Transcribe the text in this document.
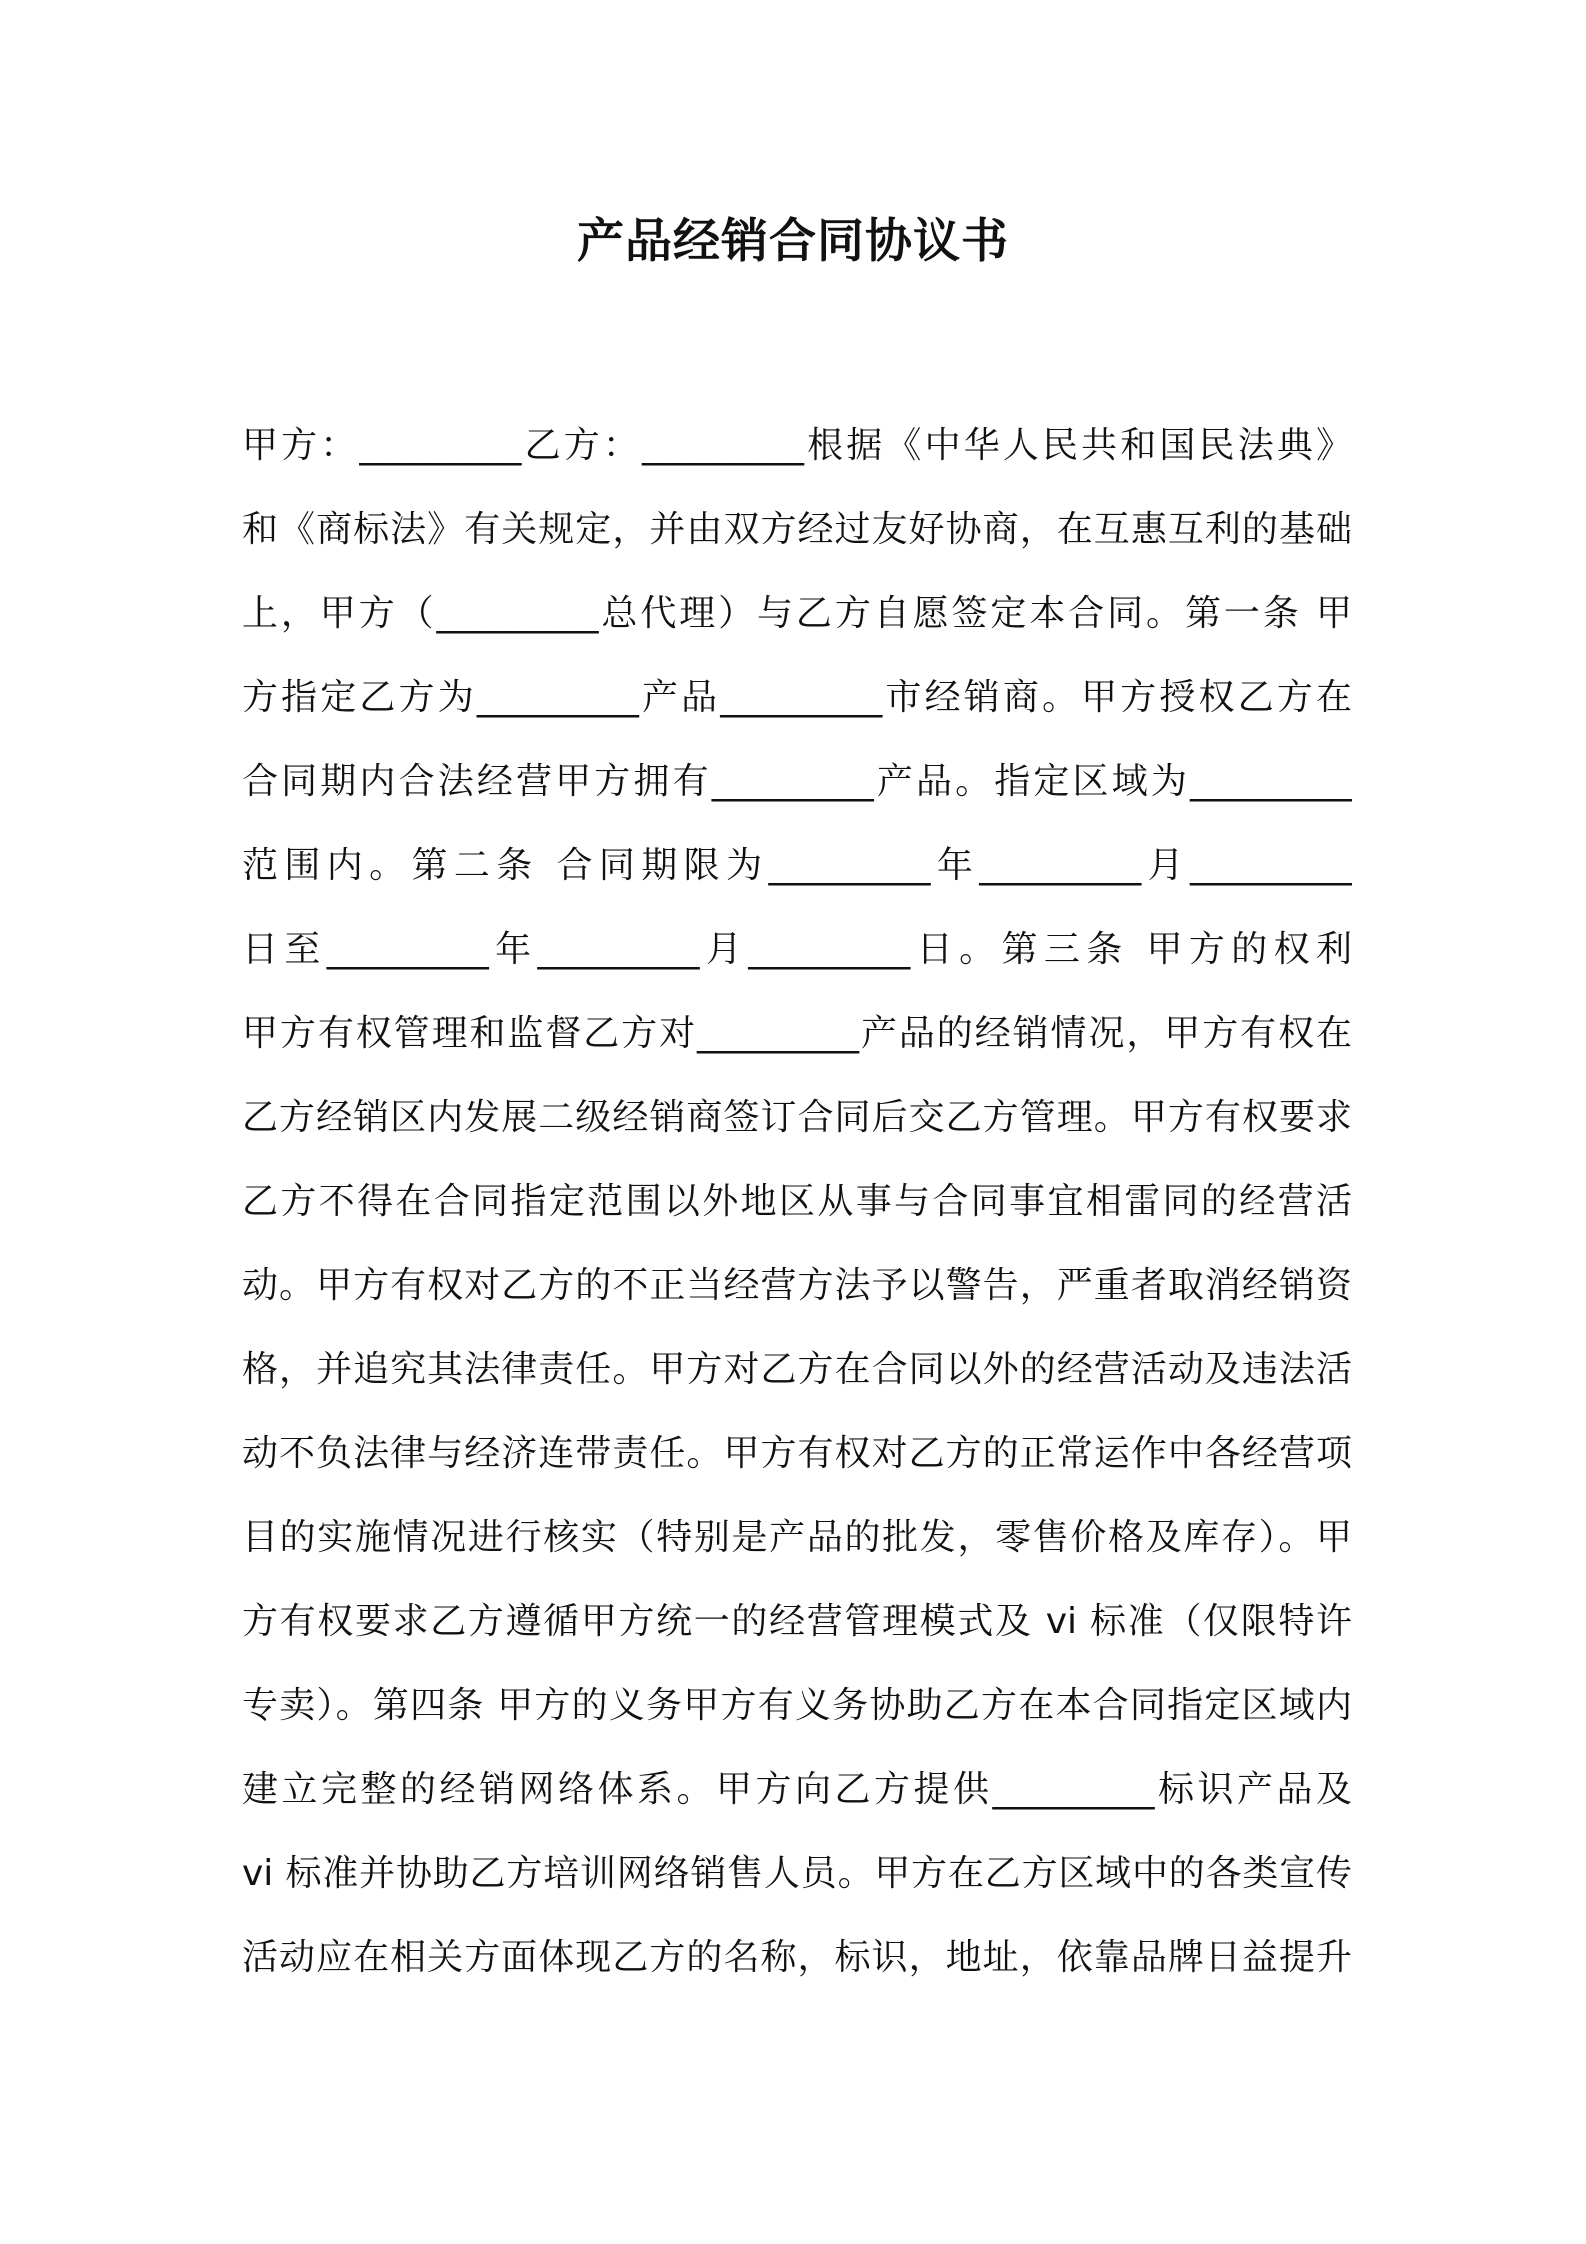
产品经销合同协议书
甲方：_________乙方：_________根据《中华人民共和国民法典》
和《商标法》有关规定，并由双方经过友好协商，在互惠互利的基础
上，甲方（_________总代理）与乙方自愿签定本合同。第一条 甲
方指定乙方为_________产品_________市经销商。甲方授权乙方在
合同期内合法经营甲方拥有_________产品。指定区域为_________
范围内。第二条 合同期限为_________年_________月_________
日至_________年_________月_________日。第三条 甲方的权利
甲方有权管理和监督乙方对_________产品的经销情况，甲方有权在
乙方经销区内发展二级经销商签订合同后交乙方管理。甲方有权要求
乙方不得在合同指定范围以外地区从事与合同事宜相雷同的经营活
动。甲方有权对乙方的不正当经营方法予以警告，严重者取消经销资
格，并追究其法律责任。甲方对乙方在合同以外的经营活动及违法活
动不负法律与经济连带责任。甲方有权对乙方的正常运作中各经营项
目的实施情况进行核实（特别是产品的批发，零售价格及库存）。甲
方有权要求乙方遵循甲方统一的经营管理模式及 vi 标准（仅限特许
专卖）。第四条 甲方的义务甲方有义务协助乙方在本合同指定区域内
建立完整的经销网络体系。甲方向乙方提供_________标识产品及
vi 标准并协助乙方培训网络销售人员。甲方在乙方区域中的各类宣传
活动应在相关方面体现乙方的名称，标识，地址，依靠品牌日益提升
